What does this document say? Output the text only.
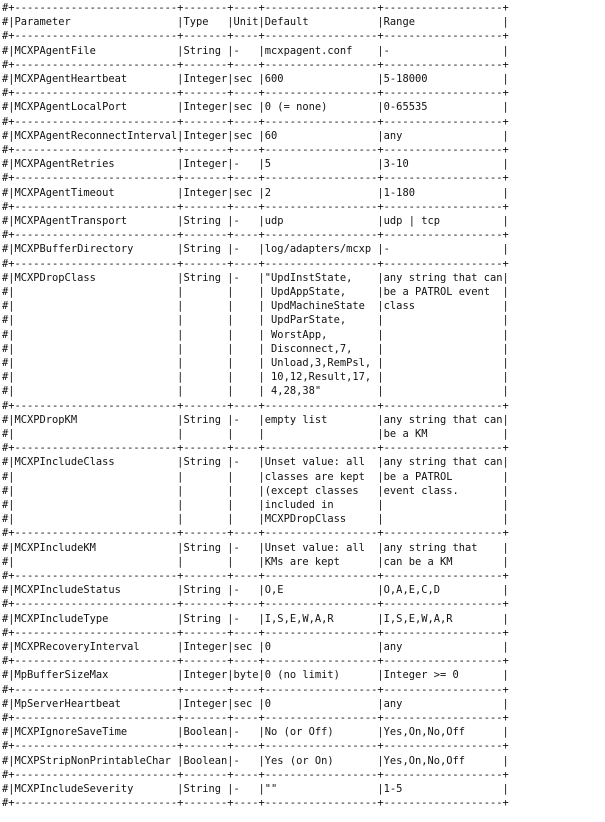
#+--------------------------+-------+----+------------------+-------------------+
#|Parameter                 |Type   |Unit|Default           |Range              |
#+--------------------------+-------+----+------------------+-------------------+
#|MCXPAgentFile             |String |-   |mcxpagent.conf    |-                  |
#+--------------------------+-------+----+------------------+-------------------+
#|MCXPAgentHeartbeat        |Integer|sec |600               |5-18000            |
#+--------------------------+-------+----+------------------+-------------------+
#|MCXPAgentLocalPort        |Integer|sec |0 (= none)        |0-65535            |
#+--------------------------+-------+----+------------------+-------------------+
#|MCXPAgentReconnectInterval|Integer|sec |60                |any                |
#+--------------------------+-------+----+------------------+-------------------+
#|MCXPAgentRetries          |Integer|-   |5                 |3-10               |
#+--------------------------+-------+----+------------------+-------------------+
#|MCXPAgentTimeout          |Integer|sec |2                 |1-180              |
#+--------------------------+-------+----+------------------+-------------------+
#|MCXPAgentTransport        |String |-   |udp               |udp | tcp          |
#+--------------------------+-------+----+------------------+-------------------+
#|MCXPBufferDirectory       |String |-   |log/adapters/mcxp |-                  |
#+--------------------------+-------+----+------------------+-------------------+
#|MCXPDropClass             |String |-   |"UpdInstState,    |any string that can|
#|	|	| | UpdAppState,     |be a PATROL event  |
#|	|	| | UpdMachineState  |class              |
#|	|	| | UpdParState,     |	|
#|	|	| | WorstApp,        |	|
#|	|	| | Disconnect,7,    |	|
#|	|	| | Unload,3,RemPsl, |	|
#|	|	| | 10,12,Result,17, |	|
#|	|	| | 4,28,38"         |	|
#+--------------------------+-------+----+------------------+-------------------+
#|MCXPDropKM                |String |-   |empty list        |any string that can|
#|	|	| |	|be a KM            |
#+--------------------------+-------+----+------------------+-------------------+
#|MCXPIncludeClass          |String |-   |Unset value: all  |any string that can|
#|	|	| |classes are kept  |be a PATROL        |
#|	|	| |(except classes   |event class.       |
#|	|	| |included in       |	|
#|	|	| |MCXPDropClass     |	|
#+--------------------------+-------+----+------------------+-------------------+
#|MCXPIncludeKM             |String |-   |Unset value: all  |any string that    |
#|	|	| |KMs are kept      |can be a KM        |
#+--------------------------+-------+----+------------------+-------------------+
#|MCXPIncludeStatus         |String |-   |O,E               |O,A,E,C,D          |
#+--------------------------+-------+----+------------------+-------------------+
#|MCXPIncludeType           |String |-   |I,S,E,W,A,R       |I,S,E,W,A,R        |
#+--------------------------+-------+----+------------------+-------------------+
#|MCXPRecoveryInterval      |Integer|sec |0                 |any                |
#+--------------------------+-------+----+------------------+-------------------+
#|MpBufferSizeMax           |Integer|byte|0 (no limit)      |Integer >= 0       |
#+--------------------------+-------+----+------------------+-------------------+
#|MpServerHeartbeat         |Integer|sec |0                 |any                |
#+--------------------------+-------+----+------------------+-------------------+
#|MCXPIgnoreSaveTime        |Boolean|-   |No (or Off)       |Yes,On,No,Off      |
#+--------------------------+-------+----+------------------+-------------------+
#|MCXPStripNonPrintableChar |Boolean|-   |Yes (or On)       |Yes,On,No,Off      |
#+--------------------------+-------+----+------------------+-------------------+
#|MCXPIncludeSeverity       |String |-   |""                |1-5                |
#+--------------------------+-------+----+------------------+-------------------+
